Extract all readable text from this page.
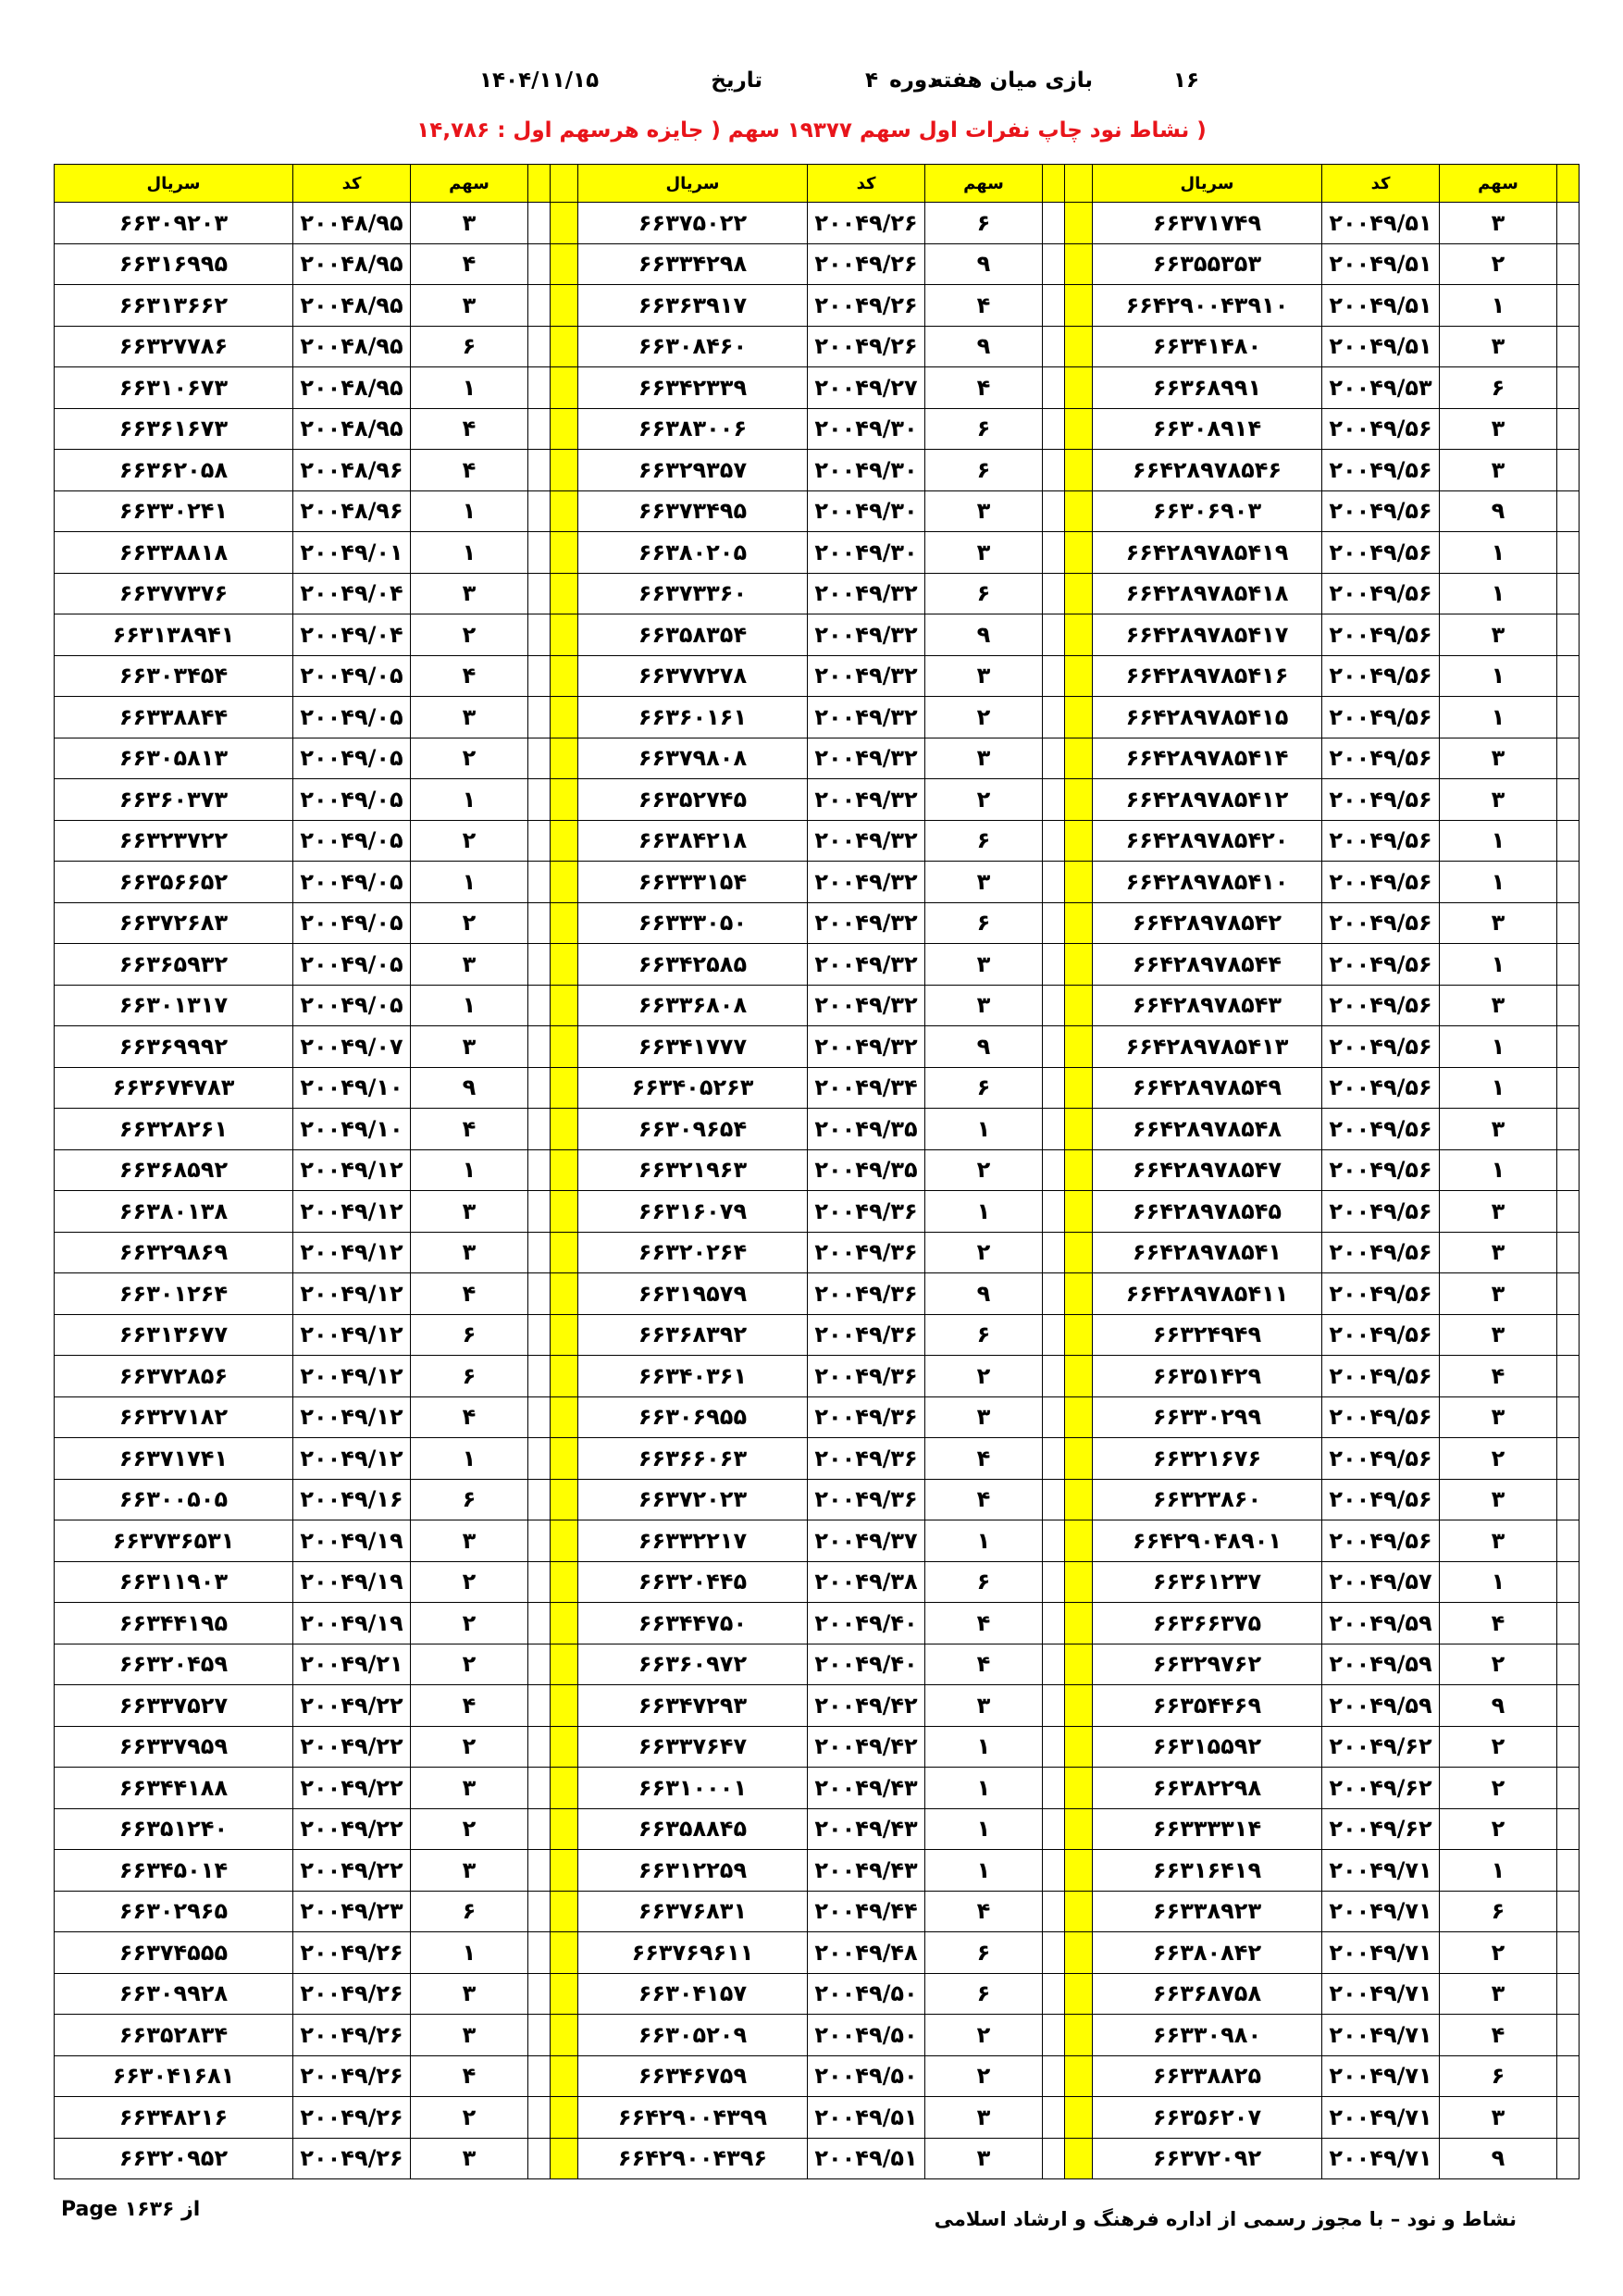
۱۶
بازی میان هفته
دوره
۴
تاریخ
۱۴۰۴/۱۱/۱۵
( نشاط نود چاپ نفرات اول سهم ۱۹۳۷۷ سهم ( جایزه هرسهم اول : ۱۴,۷۸۶
	سهم	کد	سریال			سهم	کد	سریال			سهم	کد	سریال
	۳	۲۰۰۴۹/۵۱	۶۶۳۷۱۷۴۹			۶	۲۰۰۴۹/۲۶	۶۶۳۷۵۰۲۲			۳	۲۰۰۴۸/۹۵	۶۶۳۰۹۲۰۳
	۲	۲۰۰۴۹/۵۱	۶۶۳۵۵۳۵۳			۹	۲۰۰۴۹/۲۶	۶۶۳۳۴۲۹۸			۴	۲۰۰۴۸/۹۵	۶۶۳۱۶۹۹۵
	۱	۲۰۰۴۹/۵۱	۶۶۴۲۹۰۰۴۳۹۱۰			۴	۲۰۰۴۹/۲۶	۶۶۳۶۳۹۱۷			۳	۲۰۰۴۸/۹۵	۶۶۳۱۳۶۶۲
	۳	۲۰۰۴۹/۵۱	۶۶۳۴۱۴۸۰			۹	۲۰۰۴۹/۲۶	۶۶۳۰۸۴۶۰			۶	۲۰۰۴۸/۹۵	۶۶۳۲۷۷۸۶
	۶	۲۰۰۴۹/۵۳	۶۶۳۶۸۹۹۱			۴	۲۰۰۴۹/۲۷	۶۶۳۴۲۳۳۹			۱	۲۰۰۴۸/۹۵	۶۶۳۱۰۶۷۳
	۳	۲۰۰۴۹/۵۶	۶۶۳۰۸۹۱۴			۶	۲۰۰۴۹/۳۰	۶۶۳۸۳۰۰۶			۴	۲۰۰۴۸/۹۵	۶۶۳۶۱۶۷۳
	۳	۲۰۰۴۹/۵۶	۶۶۴۲۸۹۷۸۵۴۶			۶	۲۰۰۴۹/۳۰	۶۶۳۲۹۳۵۷			۴	۲۰۰۴۸/۹۶	۶۶۳۶۲۰۵۸
	۹	۲۰۰۴۹/۵۶	۶۶۳۰۶۹۰۳			۳	۲۰۰۴۹/۳۰	۶۶۳۷۳۴۹۵			۱	۲۰۰۴۸/۹۶	۶۶۳۳۰۲۴۱
	۱	۲۰۰۴۹/۵۶	۶۶۴۲۸۹۷۸۵۴۱۹			۳	۲۰۰۴۹/۳۰	۶۶۳۸۰۲۰۵			۱	۲۰۰۴۹/۰۱	۶۶۳۳۸۸۱۸
	۱	۲۰۰۴۹/۵۶	۶۶۴۲۸۹۷۸۵۴۱۸			۶	۲۰۰۴۹/۳۲	۶۶۳۷۳۳۶۰			۳	۲۰۰۴۹/۰۴	۶۶۳۷۷۳۷۶
	۳	۲۰۰۴۹/۵۶	۶۶۴۲۸۹۷۸۵۴۱۷			۹	۲۰۰۴۹/۳۲	۶۶۳۵۸۳۵۴			۲	۲۰۰۴۹/۰۴	۶۶۳۱۳۸۹۴۱
	۱	۲۰۰۴۹/۵۶	۶۶۴۲۸۹۷۸۵۴۱۶			۳	۲۰۰۴۹/۳۲	۶۶۳۷۷۲۷۸			۴	۲۰۰۴۹/۰۵	۶۶۳۰۳۴۵۴
	۱	۲۰۰۴۹/۵۶	۶۶۴۲۸۹۷۸۵۴۱۵			۲	۲۰۰۴۹/۳۲	۶۶۳۶۰۱۶۱			۳	۲۰۰۴۹/۰۵	۶۶۳۳۸۸۴۴
	۳	۲۰۰۴۹/۵۶	۶۶۴۲۸۹۷۸۵۴۱۴			۳	۲۰۰۴۹/۳۲	۶۶۳۷۹۸۰۸			۲	۲۰۰۴۹/۰۵	۶۶۳۰۵۸۱۳
	۳	۲۰۰۴۹/۵۶	۶۶۴۲۸۹۷۸۵۴۱۲			۲	۲۰۰۴۹/۳۲	۶۶۳۵۲۷۴۵			۱	۲۰۰۴۹/۰۵	۶۶۳۶۰۳۷۳
	۱	۲۰۰۴۹/۵۶	۶۶۴۲۸۹۷۸۵۴۲۰			۶	۲۰۰۴۹/۳۲	۶۶۳۸۴۲۱۸			۲	۲۰۰۴۹/۰۵	۶۶۳۲۳۷۲۲
	۱	۲۰۰۴۹/۵۶	۶۶۴۲۸۹۷۸۵۴۱۰			۳	۲۰۰۴۹/۳۲	۶۶۳۳۳۱۵۴			۱	۲۰۰۴۹/۰۵	۶۶۳۵۶۶۵۲
	۳	۲۰۰۴۹/۵۶	۶۶۴۲۸۹۷۸۵۴۲			۶	۲۰۰۴۹/۳۲	۶۶۳۳۳۰۵۰			۲	۲۰۰۴۹/۰۵	۶۶۳۷۲۶۸۳
	۱	۲۰۰۴۹/۵۶	۶۶۴۲۸۹۷۸۵۴۴			۳	۲۰۰۴۹/۳۲	۶۶۳۴۲۵۸۵			۳	۲۰۰۴۹/۰۵	۶۶۳۶۵۹۳۲
	۳	۲۰۰۴۹/۵۶	۶۶۴۲۸۹۷۸۵۴۳			۳	۲۰۰۴۹/۳۲	۶۶۳۳۶۸۰۸			۱	۲۰۰۴۹/۰۵	۶۶۳۰۱۳۱۷
	۱	۲۰۰۴۹/۵۶	۶۶۴۲۸۹۷۸۵۴۱۳			۹	۲۰۰۴۹/۳۲	۶۶۳۴۱۷۷۷			۳	۲۰۰۴۹/۰۷	۶۶۳۶۹۹۹۲
	۱	۲۰۰۴۹/۵۶	۶۶۴۲۸۹۷۸۵۴۹			۶	۲۰۰۴۹/۳۴	۶۶۳۴۰۵۲۶۳			۹	۲۰۰۴۹/۱۰	۶۶۳۶۷۴۷۸۳
	۳	۲۰۰۴۹/۵۶	۶۶۴۲۸۹۷۸۵۴۸			۱	۲۰۰۴۹/۳۵	۶۶۳۰۹۶۵۴			۴	۲۰۰۴۹/۱۰	۶۶۳۲۸۲۶۱
	۱	۲۰۰۴۹/۵۶	۶۶۴۲۸۹۷۸۵۴۷			۲	۲۰۰۴۹/۳۵	۶۶۳۲۱۹۶۳			۱	۲۰۰۴۹/۱۲	۶۶۳۶۸۵۹۲
	۳	۲۰۰۴۹/۵۶	۶۶۴۲۸۹۷۸۵۴۵			۱	۲۰۰۴۹/۳۶	۶۶۳۱۶۰۷۹			۳	۲۰۰۴۹/۱۲	۶۶۳۸۰۱۳۸
	۳	۲۰۰۴۹/۵۶	۶۶۴۲۸۹۷۸۵۴۱			۲	۲۰۰۴۹/۳۶	۶۶۳۲۰۲۶۴			۳	۲۰۰۴۹/۱۲	۶۶۳۲۹۸۶۹
	۳	۲۰۰۴۹/۵۶	۶۶۴۲۸۹۷۸۵۴۱۱			۹	۲۰۰۴۹/۳۶	۶۶۳۱۹۵۷۹			۴	۲۰۰۴۹/۱۲	۶۶۳۰۱۲۶۴
	۳	۲۰۰۴۹/۵۶	۶۶۳۲۴۹۴۹			۶	۲۰۰۴۹/۳۶	۶۶۳۶۸۳۹۲			۶	۲۰۰۴۹/۱۲	۶۶۳۱۳۶۷۷
	۴	۲۰۰۴۹/۵۶	۶۶۳۵۱۴۲۹			۲	۲۰۰۴۹/۳۶	۶۶۳۴۰۳۶۱			۶	۲۰۰۴۹/۱۲	۶۶۳۷۲۸۵۶
	۳	۲۰۰۴۹/۵۶	۶۶۳۳۰۲۹۹			۳	۲۰۰۴۹/۳۶	۶۶۳۰۶۹۵۵			۴	۲۰۰۴۹/۱۲	۶۶۳۲۷۱۸۲
	۲	۲۰۰۴۹/۵۶	۶۶۳۲۱۶۷۶			۴	۲۰۰۴۹/۳۶	۶۶۳۶۶۰۶۳			۱	۲۰۰۴۹/۱۲	۶۶۳۷۱۷۴۱
	۳	۲۰۰۴۹/۵۶	۶۶۳۲۳۸۶۰			۴	۲۰۰۴۹/۳۶	۶۶۳۷۲۰۲۳			۶	۲۰۰۴۹/۱۶	۶۶۳۰۰۵۰۵
	۳	۲۰۰۴۹/۵۶	۶۶۴۲۹۰۴۸۹۰۱			۱	۲۰۰۴۹/۳۷	۶۶۳۳۲۲۱۷			۳	۲۰۰۴۹/۱۹	۶۶۳۷۳۶۵۳۱
	۱	۲۰۰۴۹/۵۷	۶۶۳۶۱۲۳۷			۶	۲۰۰۴۹/۳۸	۶۶۳۲۰۴۴۵			۲	۲۰۰۴۹/۱۹	۶۶۳۱۱۹۰۳
	۴	۲۰۰۴۹/۵۹	۶۶۳۶۶۳۷۵			۴	۲۰۰۴۹/۴۰	۶۶۳۴۴۷۵۰			۲	۲۰۰۴۹/۱۹	۶۶۳۴۴۱۹۵
	۲	۲۰۰۴۹/۵۹	۶۶۳۲۹۷۶۲			۴	۲۰۰۴۹/۴۰	۶۶۳۶۰۹۷۲			۲	۲۰۰۴۹/۲۱	۶۶۳۲۰۴۵۹
	۹	۲۰۰۴۹/۵۹	۶۶۳۵۴۴۶۹			۳	۲۰۰۴۹/۴۲	۶۶۳۴۷۲۹۳			۴	۲۰۰۴۹/۲۲	۶۶۳۳۷۵۲۷
	۲	۲۰۰۴۹/۶۲	۶۶۳۱۵۵۹۲			۱	۲۰۰۴۹/۴۲	۶۶۳۳۷۶۴۷			۲	۲۰۰۴۹/۲۲	۶۶۳۳۷۹۵۹
	۲	۲۰۰۴۹/۶۲	۶۶۳۸۲۲۹۸			۱	۲۰۰۴۹/۴۳	۶۶۳۱۰۰۰۱			۳	۲۰۰۴۹/۲۲	۶۶۳۴۴۱۸۸
	۲	۲۰۰۴۹/۶۲	۶۶۳۳۳۳۱۴			۱	۲۰۰۴۹/۴۳	۶۶۳۵۸۸۴۵			۲	۲۰۰۴۹/۲۲	۶۶۳۵۱۲۴۰
	۱	۲۰۰۴۹/۷۱	۶۶۳۱۶۴۱۹			۱	۲۰۰۴۹/۴۳	۶۶۳۱۲۲۵۹			۳	۲۰۰۴۹/۲۲	۶۶۳۴۵۰۱۴
	۶	۲۰۰۴۹/۷۱	۶۶۳۳۸۹۲۳			۴	۲۰۰۴۹/۴۴	۶۶۳۷۶۸۳۱			۶	۲۰۰۴۹/۲۳	۶۶۳۰۲۹۶۵
	۲	۲۰۰۴۹/۷۱	۶۶۳۸۰۸۴۲			۶	۲۰۰۴۹/۴۸	۶۶۳۷۶۹۶۱۱			۱	۲۰۰۴۹/۲۶	۶۶۳۷۴۵۵۵
	۳	۲۰۰۴۹/۷۱	۶۶۳۶۸۷۵۸			۶	۲۰۰۴۹/۵۰	۶۶۳۰۴۱۵۷			۳	۲۰۰۴۹/۲۶	۶۶۳۰۹۹۲۸
	۴	۲۰۰۴۹/۷۱	۶۶۳۳۰۹۸۰			۲	۲۰۰۴۹/۵۰	۶۶۳۰۵۲۰۹			۳	۲۰۰۴۹/۲۶	۶۶۳۵۲۸۳۴
	۶	۲۰۰۴۹/۷۱	۶۶۳۳۸۸۲۵			۲	۲۰۰۴۹/۵۰	۶۶۳۴۶۷۵۹			۴	۲۰۰۴۹/۲۶	۶۶۳۰۴۱۶۸۱
	۳	۲۰۰۴۹/۷۱	۶۶۳۵۶۲۰۷			۳	۲۰۰۴۹/۵۱	۶۶۴۲۹۰۰۴۳۹۹			۲	۲۰۰۴۹/۲۶	۶۶۳۴۸۲۱۶
	۹	۲۰۰۴۹/۷۱	۶۶۳۷۲۰۹۲			۳	۲۰۰۴۹/۵۱	۶۶۴۲۹۰۰۴۳۹۶			۳	۲۰۰۴۹/۲۶	۶۶۳۲۰۹۵۲
از ۱۶۳۶ Page	نشاط و نود – با مجوز رسمی از اداره فرهنگ و ارشاد اسلامی
